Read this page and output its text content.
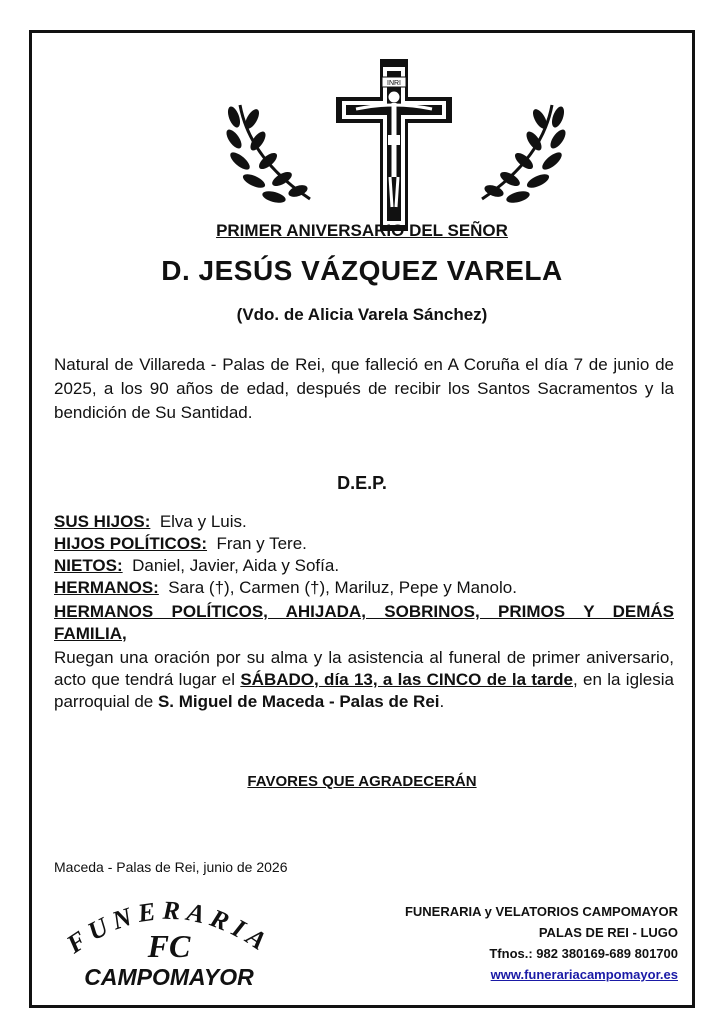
INRI
PRIMER ANIVERSARIO DEL SEÑOR
D. JESÚS VÁZQUEZ VARELA
(Vdo. de Alicia Varela Sánchez)
Natural de Villareda - Palas de Rei, que falleció en A Coruña el día 7 de junio de 2025, a los 90 años de edad, después de recibir los Santos Sacramentos y la bendición de Su Santidad.
D.E.P.
SUS HIJOS: Elva y Luis.
HIJOS POLÍTICOS: Fran y Tere.
NIETOS: Daniel, Javier, Aida y Sofía.
HERMANOS: Sara (†), Carmen (†), Mariluz, Pepe y Manolo.
HERMANOS POLÍTICOS, AHIJADA, SOBRINOS, PRIMOS Y DEMÁS
FAMILIA,
Ruegan una oración por su alma y la asistencia al funeral de primer aniversario, acto que tendrá lugar el SÁBADO, día 13, a las CINCO de la tarde, en la iglesia parroquial de S. Miguel de Maceda - Palas de Rei.
FAVORES QUE AGRADECERÁN
Maceda - Palas de Rei, junio de 2026
FUNERARIA
FC
CAMPOMAYOR
FUNERARIA y VELATORIOS CAMPOMAYOR
PALAS DE REI - LUGO
Tfnos.: 982 380169-689 801700
www.funerariacampomayor.es
